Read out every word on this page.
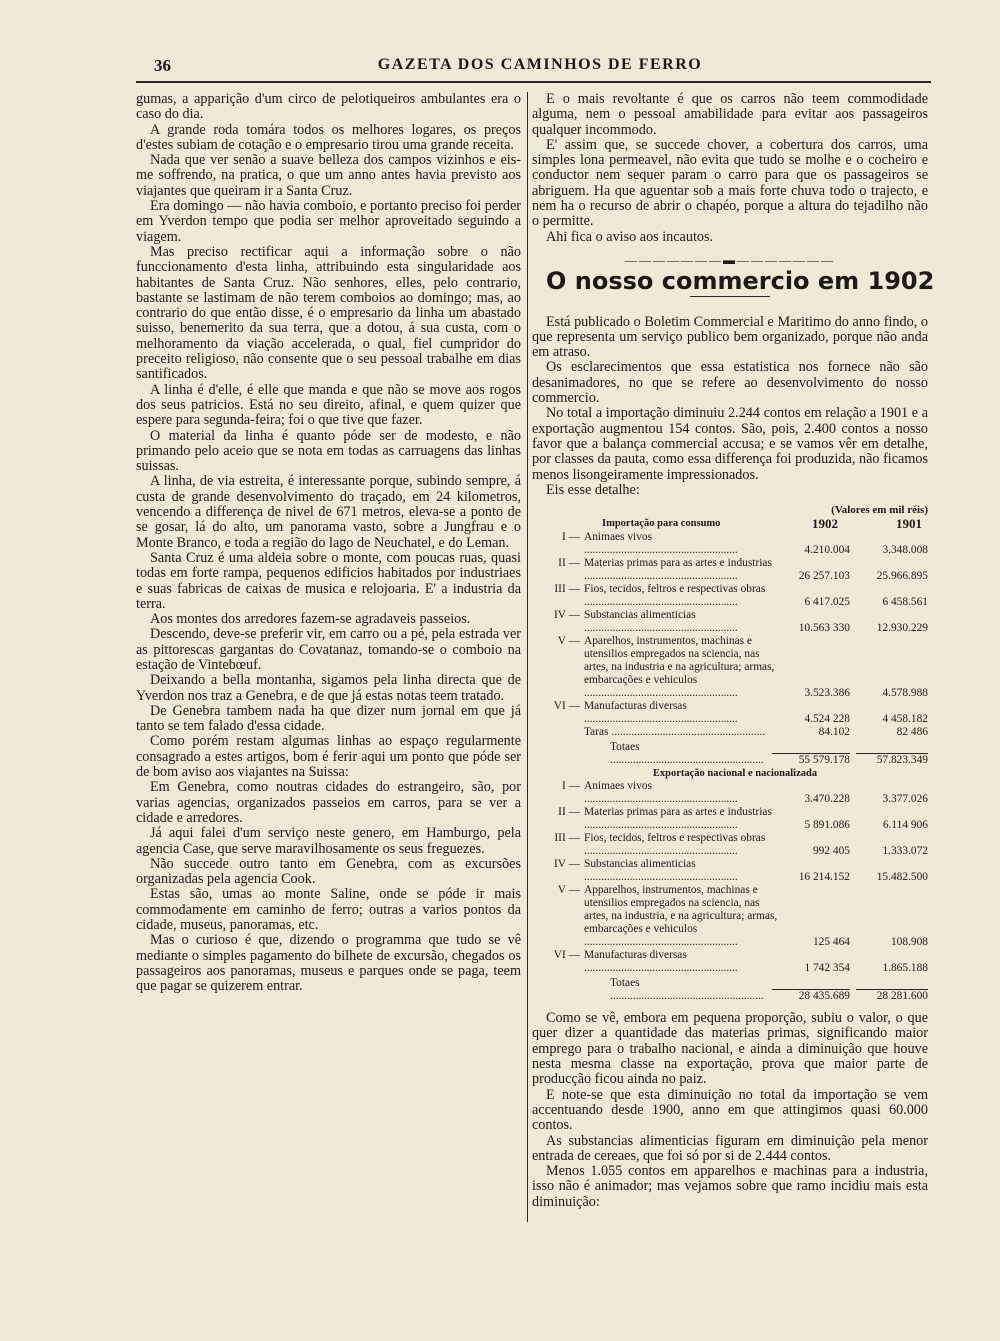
36	GAZETA DOS CAMINHOS DE FERRO

gumas, a apparição d'um circo de pelotiqueiros ambulantes era o caso do dia.

A grande roda tomára todos os melhores logares, os preços d'estes subiam de cotação e o empresario tirou uma grande receita.

Nada que ver senão a suave belleza dos campos vizinhos e eis-me soffrendo, na pratica, o que um anno antes havia previsto aos viajantes que queiram ir a Santa Cruz.

Era domingo — não havia comboio, e portanto preciso foi perder em Yverdon tempo que podia ser melhor aproveitado seguindo a viagem.

Mas preciso rectificar aqui a informação sobre o não funccionamento d'esta linha, attribuindo esta singularidade aos habitantes de Santa Cruz. Não senhores, elles, pelo contrario, bastante se lastimam de não terem comboios ao domingo; mas, ao contrario do que então disse, é o empresario da linha um abastado suisso, benemerito da sua terra, que a dotou, á sua custa, com o melhoramento da viação accelerada, o qual, fiel cumpridor do preceito religioso, não consente que o seu pessoal trabalhe em dias santificados.

A linha é d'elle, é elle que manda e que não se move aos rogos dos seus patricios. Está no seu direito, afinal, e quem quizer que espere para segunda-feira; foi o que tive que fazer.

O material da linha é quanto póde ser de modesto, e não primando pelo aceio que se nota em todas as carruagens das linhas suissas.

A linha, de via estreita, é interessante porque, subindo sempre, á custa de grande desenvolvimento do traçado, em 24 kilometros, vencendo a differença de nivel de 671 metros, eleva-se a ponto de se gosar, lá do alto, um panorama vasto, sobre a Jungfrau e o Monte Branco, e toda a região do lago de Neuchatel, e do Leman.

Santa Cruz é uma aldeia sobre o monte, com poucas ruas, quasi todas em forte rampa, pequenos edificios habitados por industriaes e suas fabricas de caixas de musica e relojoaria. E' a industria da terra.

Aos montes dos arredores fazem-se agradaveis passeios.

Descendo, deve-se preferir vir, em carro ou a pé, pela estrada ver as pittorescas gargantas do Covatanaz, tomando-se o comboio na estação de Vintebœuf.

Deixando a bella montanha, sigamos pela linha directa que de Yverdon nos traz a Genebra, e de que já estas notas teem tratado.

De Genebra tambem nada ha que dizer num jornal em que já tanto se tem falado d'essa cidade.

Como porém restam algumas linhas ao espaço regularmente consagrado a estes artigos, bom é ferir aqui um ponto que póde ser de bom aviso aos viajantes na Suissa:

Em Genebra, como noutras cidades do estrangeiro, são, por varias agencias, organizados passeios em carros, para se ver a cidade e arredores.

Já aqui falei d'um serviço neste genero, em Hamburgo, pela agencia Case, que serve maravilhosamente os seus freguezes.

Não succede outro tanto em Genebra, com as excursões organizadas pela agencia Cook.

Estas são, umas ao monte Saline, onde se póde ir mais commodamente em caminho de ferro; outras a varios pontos da cidade, museus, panoramas, etc.

Mas o curioso é que, dizendo o programma que tudo se vê mediante o simples pagamento do bilhete de excursão, chegados os passageiros aos panoramas, museus e parques onde se paga, teem que pagar se quizerem entrar.

E o mais revoltante é que os carros não teem commodidade alguma, nem o pessoal amabilidade para evitar aos passageiros qualquer incommodo.

E' assim que, se succede chover, a cobertura dos carros, uma simples lona permeavel, não evita que tudo se molhe e o cocheiro e conductor nem sequer param o carro para que os passageiros se abriguem. Ha que aguentar sob a mais forte chuva todo o trajecto, e nem ha o recurso de abrir o chapéo, porque a altura do tejadilho não o permitte.

Ahi fica o aviso aos incautos.

———————▬———————
O nosso commercio em 1902

Está publicado o Boletim Commercial e Maritimo do anno findo, o que representa um serviço publico bem organizado, porque não anda em atraso.

Os esclarecimentos que essa estatistica nos fornece não são desanimadores, no que se refere ao desenvolvimento do nosso commercio.

No total a importação diminuiu 2.244 contos em relação a 1901 e a exportação augmentou 154 contos. São, pois, 2.400 contos a nosso favor que a balança commercial accusa; e se vamos vêr em detalhe, por classes da pauta, como essa differença foi produzida, não ficamos menos lisongeiramente impressionados.

Eis esse detalhe:

(Valores em mil réis)
Importação para consumo	1902	1901
I — Animaes vivos .....
4.210.004	3.348.008
II — Materias primas para as artes e industrias .....
26 257.103	25.966.895
III — Fios, tecidos, feltros e respectivas obras .....
6 417.025	6 458.561
IV — Substancias alimenticias .....
10.563 330	12.930.229
V — Aparelhos, instrumentos, machinas e utensilios empregados na sciencia, nas artes, na industria e na agricultura; armas, embarcações e vehiculos .....
3.523.386	4.578.988
VI — Manufacturas diversas .....
4.524 228	4 458.182
Taras .....	84.102	82 486
Totaes .....
55 579.178	57.823.349
Exportação nacional e nacionalizada
I — Animaes vivos .....
3.470.228	3.377.026
II — Materias primas para as artes e industrias .....
5 891.086	6.114 906
III — Fios, tecidos, feltros e respectivas obras .....
992 405	1.333.072
IV — Substancias alimenticias .....
16 214.152	15.482.500
V — Apparelhos, instrumentos, machinas e utensilios empregados na sciencia, nas artes, na industria, e na agricultura; armas, embarcações e vehiculos .....
125 464	108.908
VI — Manufacturas diversas .....
1 742 354	1.865.188
Totaes .....
28 435.689	28 281.600

Como se vê, embora em pequena proporção, subiu o valor, o que quer dizer a quantidade das materias primas, significando maior emprego para o trabalho nacional, e ainda a diminuição que houve nesta mesma classe na exportação, prova que maior parte de producção ficou ainda no paiz.

E note-se que esta diminuição no total da importação se vem accentuando desde 1900, anno em que attingimos quasi 60.000 contos.

As substancias alimenticias figuram em diminuição pela menor entrada de cereaes, que foi só por si de 2.444 contos.

Menos 1.055 contos em apparelhos e machinas para a industria, isso não é animador; mas vejamos sobre que ramo incidiu mais esta diminuição:
